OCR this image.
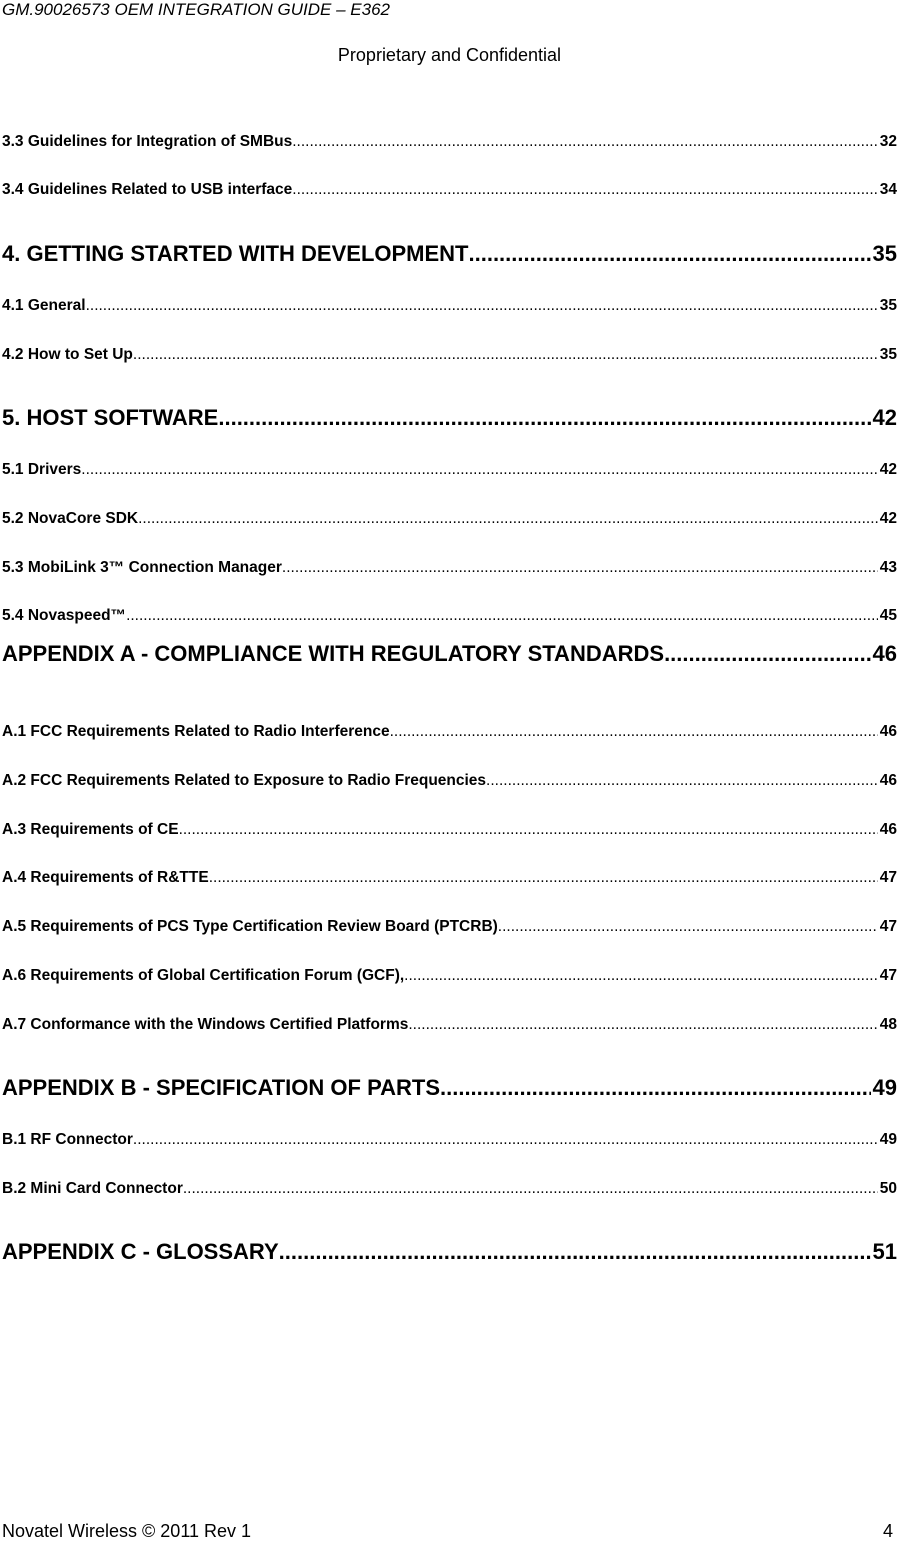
GM.90026573 OEM INTEGRATION GUIDE – E362
Proprietary and Confidential
3.3 Guidelines for Integration of SMBus .....	32
3.4 Guidelines Related to USB interface .....	34
4. GETTING STARTED WITH DEVELOPMENT .....	35
4.1 General .....	35
4.2 How to Set Up .....	35
5. HOST SOFTWARE .....	42
5.1 Drivers .....	42
5.2 NovaCore SDK .....	42
5.3 MobiLink 3™ Connection Manager .....	43
5.4 Novaspeed™ .....	45
APPENDIX A - COMPLIANCE WITH REGULATORY STANDARDS .....	46
A.1 FCC Requirements Related to Radio Interference .....	46
A.2 FCC Requirements Related to Exposure to Radio Frequencies .....	46
A.3 Requirements of CE .....	46
A.4 Requirements of R&TTE .....	47
A.5 Requirements of PCS Type Certification Review Board (PTCRB) .....	47
A.6 Requirements of Global Certification Forum (GCF), .....	47
A.7 Conformance with the Windows Certified Platforms .....	48
APPENDIX B - SPECIFICATION OF PARTS .....	49
B.1 RF Connector .....	49
B.2 Mini Card Connector .....	50
APPENDIX C - GLOSSARY .....	51
Novatel Wireless © 2011 Rev 1	4
